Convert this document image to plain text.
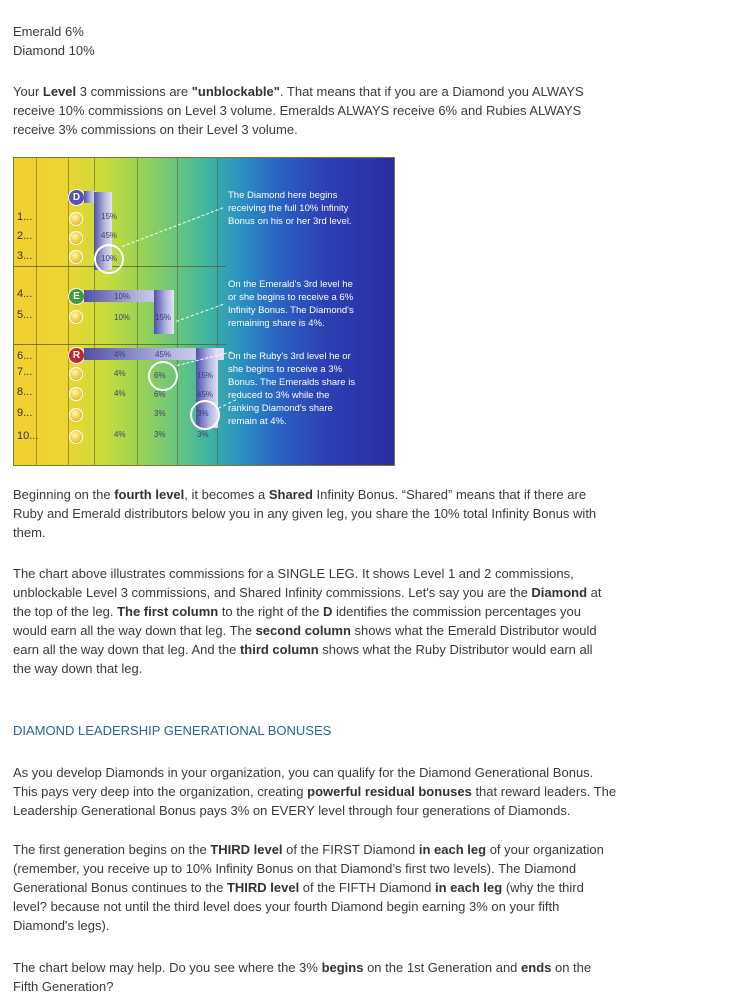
Emerald 6%
Diamond 10%
Your Level 3 commissions are "unblockable". That means that if you are a Diamond you ALWAYS
receive 10% commissions on Level 3 volume. Emeralds ALWAYS receive 6% and Rubies ALWAYS
receive 3% commissions on their Level 3 volume.
1...
2...
3...
4...
5...
6...
7...
8...
9...
10...
D
E
R
15%
45%
10%
10%
10%
4%
4%
4%
4%
15%
45%
6%
6%
3%
3%
15%
45%
3%
3%
The Diamond here begins
receiving the full 10% Infinity
Bonus on his or her 3rd level.
On the Emerald's 3rd level he
or she begins to receive a 6%
Infinity Bonus. The Diamond's
remaining share is 4%.
On the Ruby's 3rd level he or
she begins to receive a 3%
Bonus. The Emeralds share is
reduced to 3% while the
ranking Diamond's share
remain at 4%.
Beginning on the fourth level, it becomes a Shared Infinity Bonus. “Shared” means that if there are
Ruby and Emerald distributors below you in any given leg, you share the 10% total Infinity Bonus with
them.
The chart above illustrates commissions for a SINGLE LEG. It shows Level 1 and 2 commissions,
unblockable Level 3 commissions, and Shared Infinity commissions. Let's say you are the Diamond at
the top of the leg. The first column to the right of the D identifies the commission percentages you
would earn all the way down that leg. The second column shows what the Emerald Distributor would
earn all the way down that leg. And the third column shows what the Ruby Distributor would earn all
the way down that leg.
DIAMOND LEADERSHIP GENERATIONAL BONUSES
As you develop Diamonds in your organization, you can qualify for the Diamond Generational Bonus.
This pays very deep into the organization, creating powerful residual bonuses that reward leaders. The
Leadership Generational Bonus pays 3% on EVERY level through four generations of Diamonds.
The first generation begins on the THIRD level of the FIRST Diamond in each leg of your organization
(remember, you receive up to 10% Infinity Bonus on that Diamond’s first two levels). The Diamond
Generational Bonus continues to the THIRD level of the FIFTH Diamond in each leg (why the third
level? because not until the third level does your fourth Diamond begin earning 3% on your fifth
Diamond's legs).
The chart below may help. Do you see where the 3% begins on the 1st Generation and ends on the
Fifth Generation?
